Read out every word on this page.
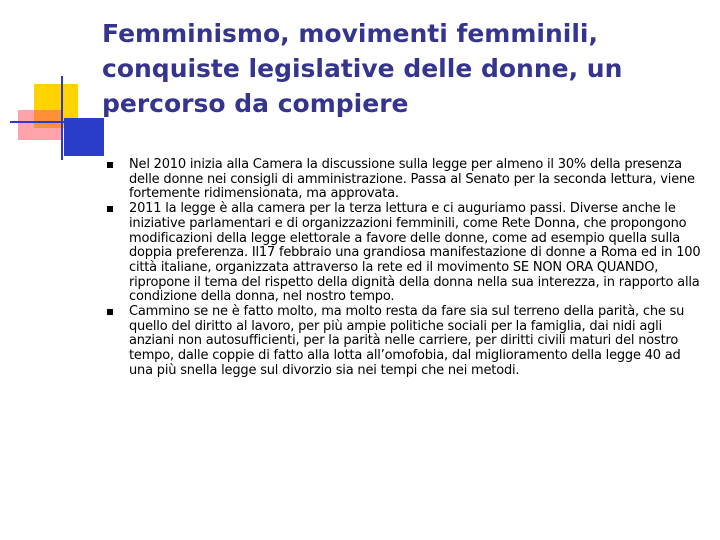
Femminismo, movimenti femminili, conquiste legislative delle donne, un percorso da compiere
Nel 2010 inizia alla Camera la discussione sulla legge per almeno il 30% della presenza delle donne nei consigli di amministrazione. Passa al Senato per la seconda lettura, viene fortemente ridimensionata, ma approvata.
2011 la legge è alla camera per la terza lettura e ci auguriamo passi. Diverse anche le iniziative parlamentari e di organizzazioni femminili, come Rete Donna, che propongono modificazioni della legge elettorale a favore delle donne, come ad esempio quella sulla doppia preferenza. Il17 febbraio una grandiosa manifestazione di donne a Roma ed in 100 città italiane, organizzata attraverso la rete ed il movimento SE NON ORA QUANDO, ripropone il tema del rispetto della dignità della donna nella sua interezza, in rapporto alla condizione della donna, nel nostro tempo.
Cammino se ne è fatto molto, ma molto resta da fare sia sul terreno della parità, che su quello del diritto al lavoro, per più ampie politiche sociali per la famiglia, dai nidi agli anziani non autosufficienti, per la parità nelle carriere, per diritti civili maturi del nostro tempo, dalle coppie di fatto alla lotta all’omofobia, dal miglioramento della legge 40 ad una più snella legge sul divorzio sia nei tempi che nei metodi.
